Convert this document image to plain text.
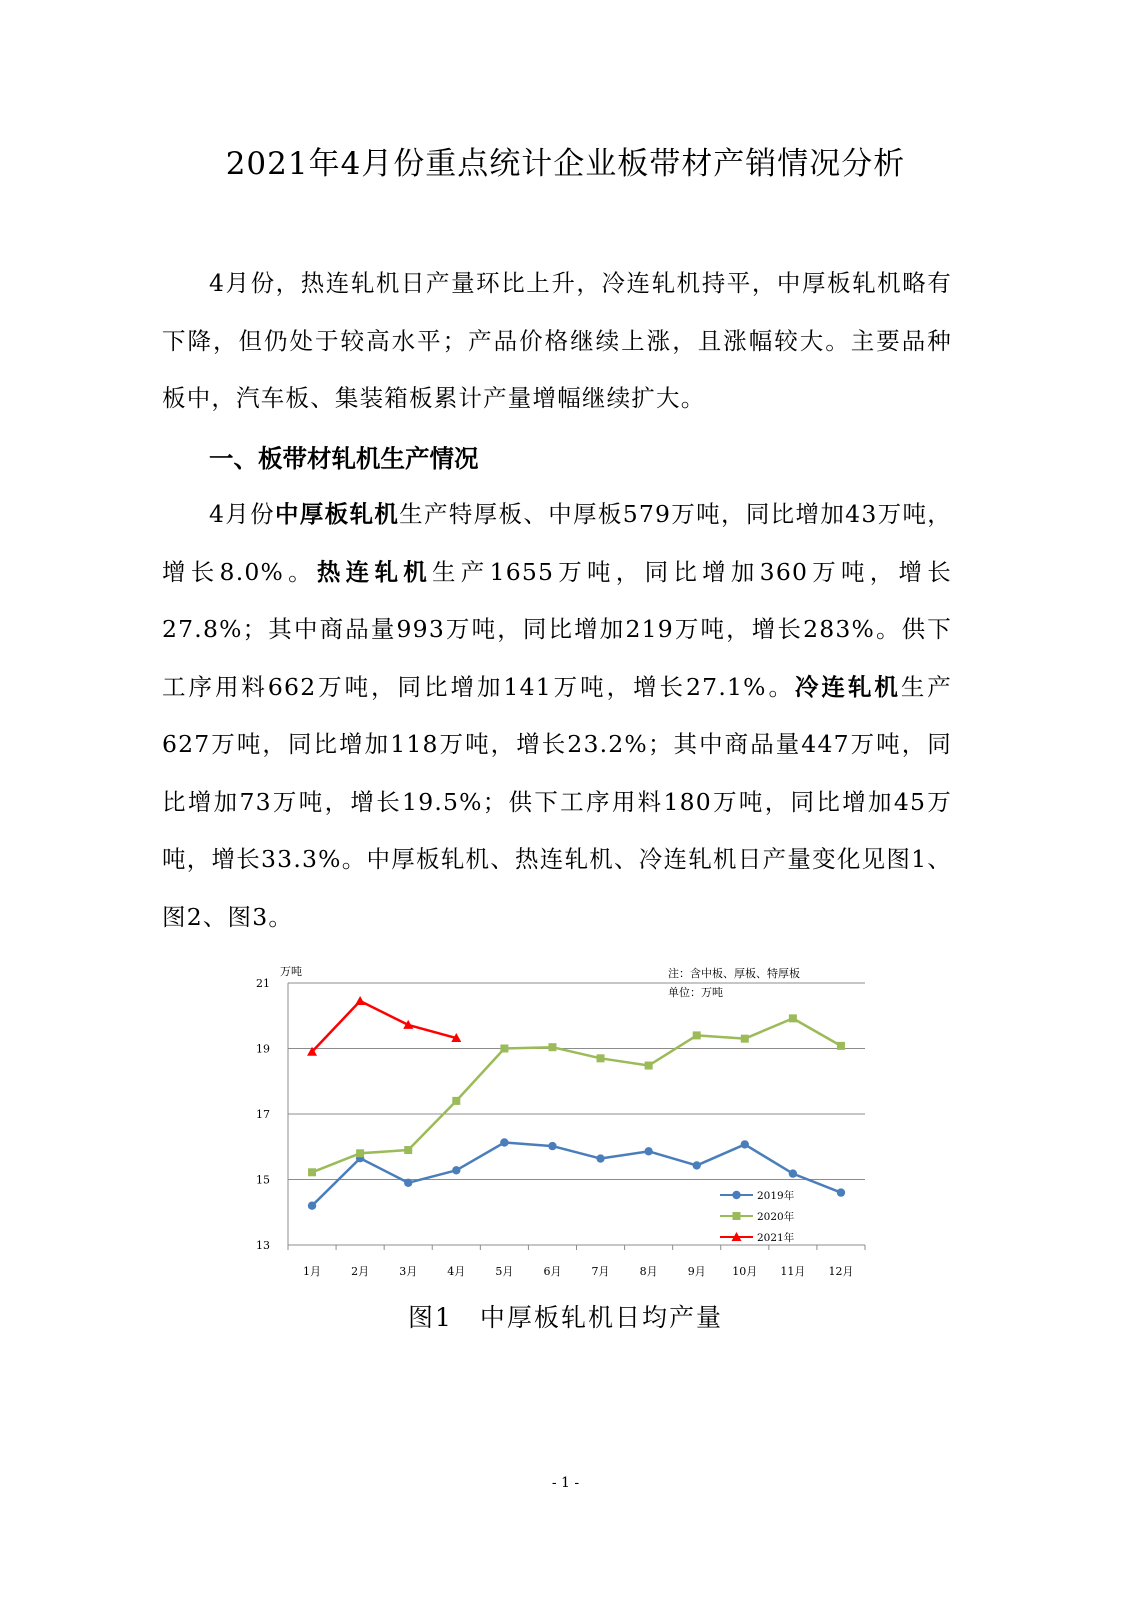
2021年4月份重点统计企业板带材产销情况分析

4月份，热连轧机日产量环比上升，冷连轧机持平，中厚板轧机略有下降，但仍处于较高水平；产品价格继续上涨，且涨幅较大。主要品种板中，汽车板、集装箱板累计产量增幅继续扩大。

一、板带材轧机生产情况

4月份中厚板轧机生产特厚板、中厚板579万吨，同比增加43万吨，增长8.0%。热连轧机生产1655万吨，同比增加360万吨，增长27.8%；其中商品量993万吨，同比增加219万吨，增长283%。供下工序用料662万吨，同比增加141万吨，增长27.1%。冷连轧机生产627万吨，同比增加118万吨，增长23.2%；其中商品量447万吨，同比增加73万吨，增长19.5%；供下工序用料180万吨，同比增加45万吨，增长33.3%。中厚板轧机、热连轧机、冷连轧机日产量变化见图1、图2、图3。

13
15
17
19
21
1月	2月	3月	4月	5月	6月	7月	8月	9月 10月 11月 12月
万吨	注：含中板、厚板、特厚板
单位：万吨
2019年
2020年
2021年
图1　中厚板轧机日均产量
- 1 -
